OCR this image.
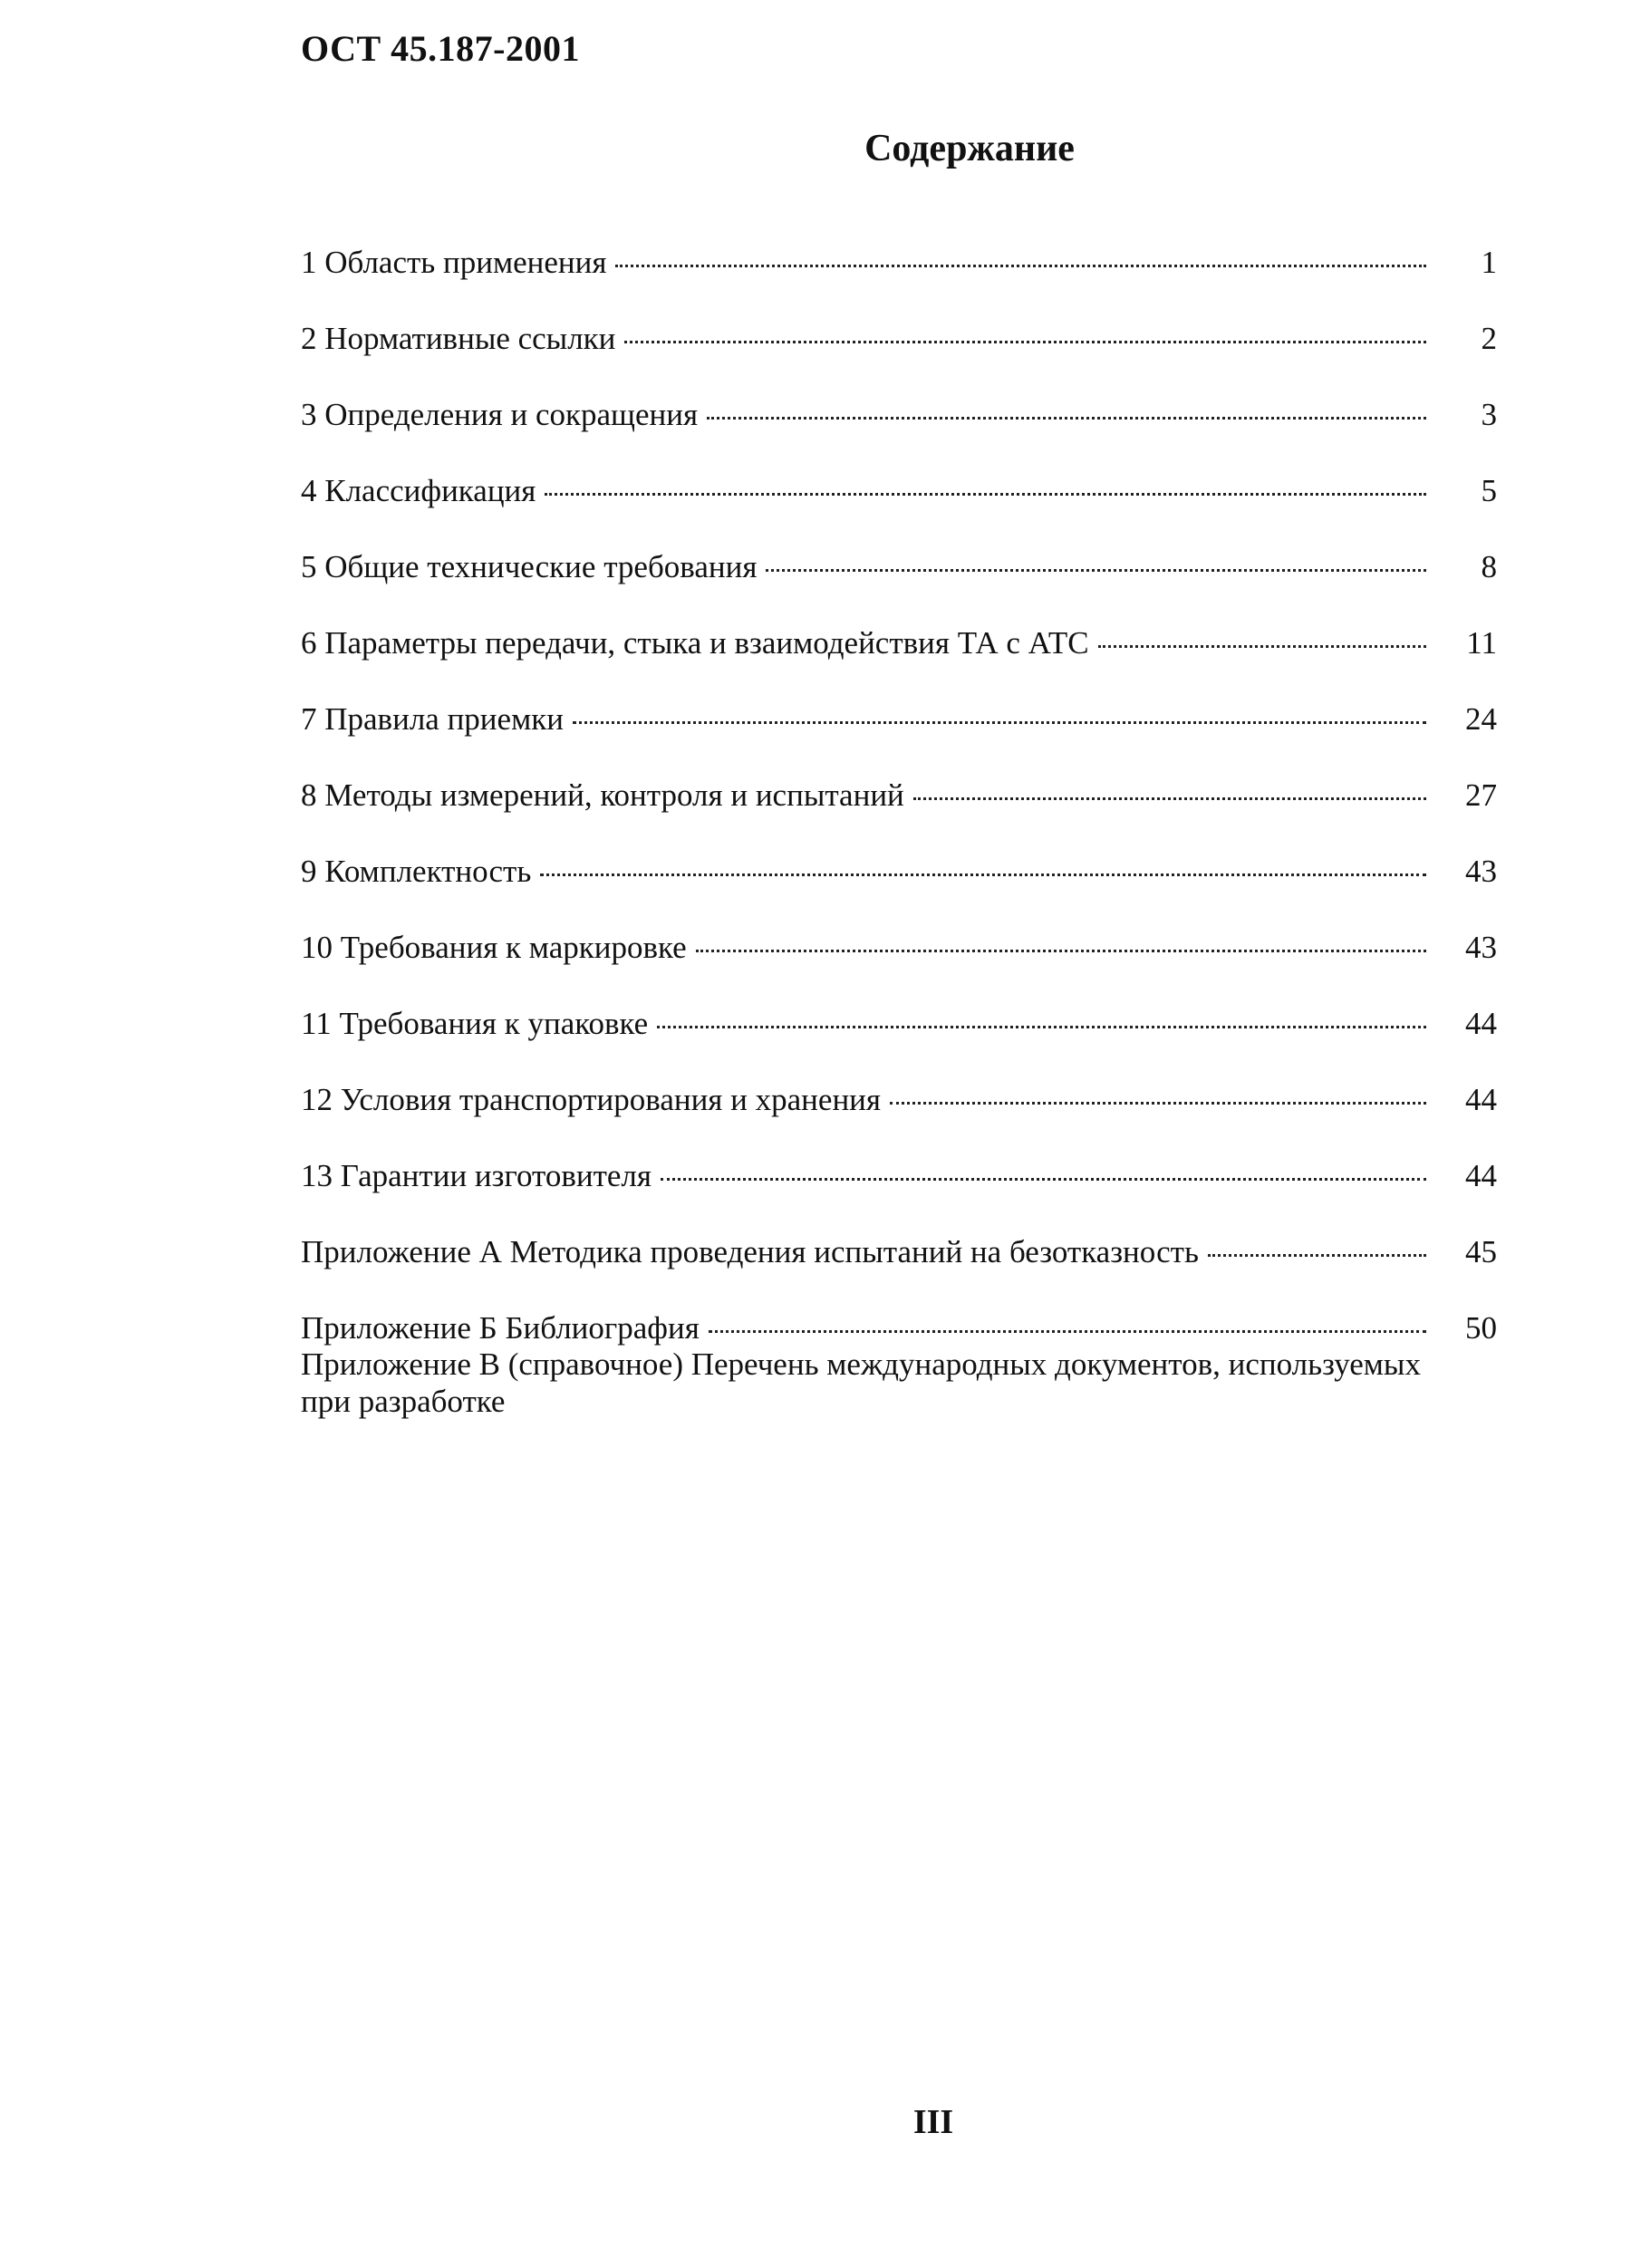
ОСТ 45.187-2001
Содержание
1 Область применения	1
2 Нормативные ссылки	2
3 Определения и сокращения	3
4 Классификация	5
5 Общие технические требования	8
6 Параметры передачи, стыка и взаимодействия ТА с АТС	11
7 Правила приемки	24
8 Методы измерений, контроля и испытаний	27
9 Комплектность	43
10 Требования к маркировке	43
11 Требования к упаковке	44
12 Условия транспортирования и хранения	44
13 Гарантии изготовителя	44
Приложение А Методика проведения испытаний на безотказность	45
Приложение Б Библиография	50
Приложение В (справочное) Перечень международных документов, используемых при разработке
III
